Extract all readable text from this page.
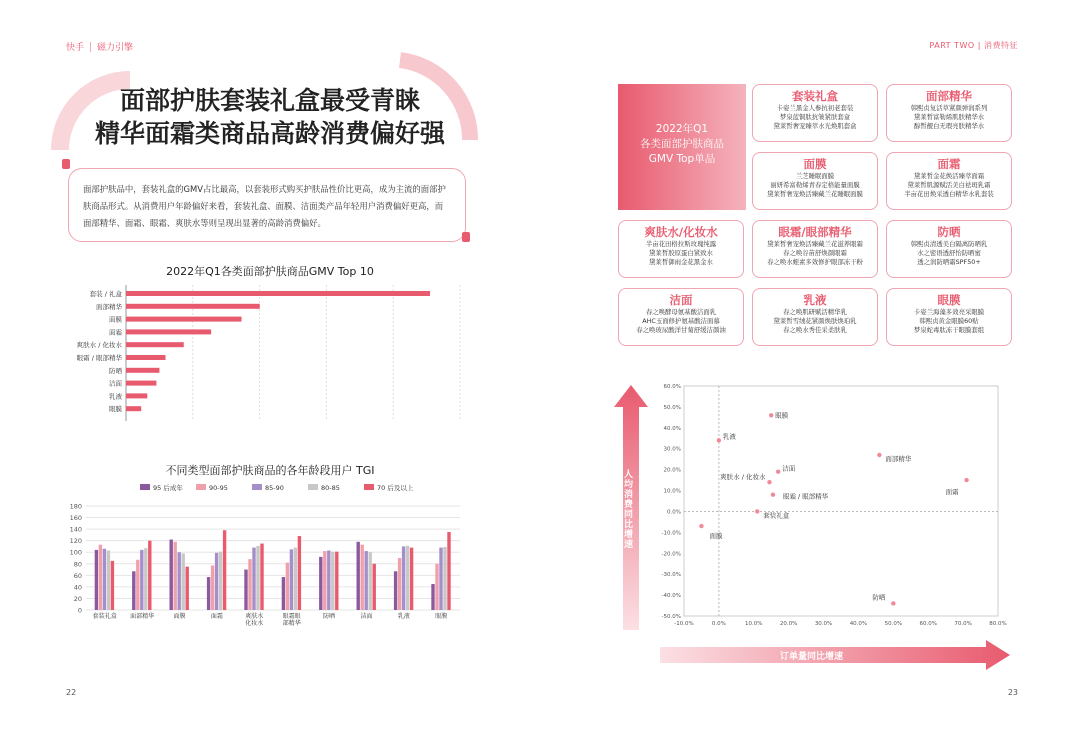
快手 磁力引擎
面部护肤套装礼盒最受青睐
精华面霜类商品高龄消费偏好强
面部护肤品中，套装礼盒的GMV占比最高，以套装形式购买护肤品性价比更高，成为主流的面部护肤商品形式。从消费用户年龄偏好来看，套装礼盒、面膜、洁面类产品年轻用户消费偏好更高，而面部精华、面霜、眼霜、爽肤水等则呈现出显著的高龄消费偏好。
2022年Q1各类面部护肤商品GMV Top 10
套装 / 礼盒
面部精华
面膜
面霜
爽肤水 / 化妆水
眼霜 / 眼部精华
防晒
洁面
乳液
眼膜
不同类型面部护肤商品的各年龄段用户 TGI
95 后成年	90-95	85-90	80-85	70 后及以上
0
20
40
60
80
100
120
140
160
180
套装礼盒 面部精华	面膜	面霜	爽肤水
化妆水
眼霜眼
部精华
防晒	洁面	乳液	眼膜
22
PART TWO | 消费特征
23
2022年Q1
各类面部护肤商品
GMV Top单品
套装礼盒
卡姿兰黑金人参抗初老套装
梦泉蓝铜肽抗皱紧肤套盒
黛莱皙奢宠臻萃水光焕肌套盒
面部精华
韩熙贞复活草紧颜弹润系列
黛莱皙富勒烯肌肤精华水
醇皙靓白无瑕亮肤精华水
面膜
兰芝睡眠面膜
丽妍希富勒烯青春定格能量面膜
黛莱皙奢宠焕活臻藏兰花睡眠面膜
面霜
黛莱皙金花焕活臻萃面霜
黛莱皙肌源赋活美白祛斑乳霜
半亩花田焕采透白精华水乳套装
爽肤水/化妆水
半亩花田格拉斯玫瑰纯露
黛莱皙胶原蛋白紧致水
黛莱皙御雨金花黑金水
眼霜/眼部精华
黛莱皙奢宠焕活臻藏兰花滋养眼霜
春之唤谷苗舒焕颜眼霜
春之唤水蛭素多效修护眼部冻干粉
防晒
韩熙贞清透美白隔离防晒乳
水之密语透舒怡防晒蜜
透之润防晒霜SPF50+
洁面
春之唤酵母氨基酸洁面乳
AHC玉面修护氨基酸洁面慕
春之唤玻尿酸洋甘菊舒缓洁颜油
乳液
春之唤肌研赋活精华乳
黛莱皙雪绒花紧颜焕肤焕珀乳
春之唤水秀佳采柔肤乳
眼膜
卡姿兰海藻多效亮采眼膜
韩熙贞黄金眼膜60贴
梦泉蛇毒肽冻干眼膜套组
人
均
消
费
同
比
增
速
订单量同比增速
60.0%
50.0%
40.0%
30.0%
20.0%
10.0%
0.0%
-10.0%
-20.0%
-30.0%
-40.0%
-50.0%
-10.0%	0.0%	10.0%	20.0%	30.0%	40.0%	50.0%	60.0%	70.0%	80.0%
眼膜
乳液
洁面
面部精华
爽肤水 / 化妆水
眼霜 / 眼部精华
面霜
套装礼盒
面膜
防晒
